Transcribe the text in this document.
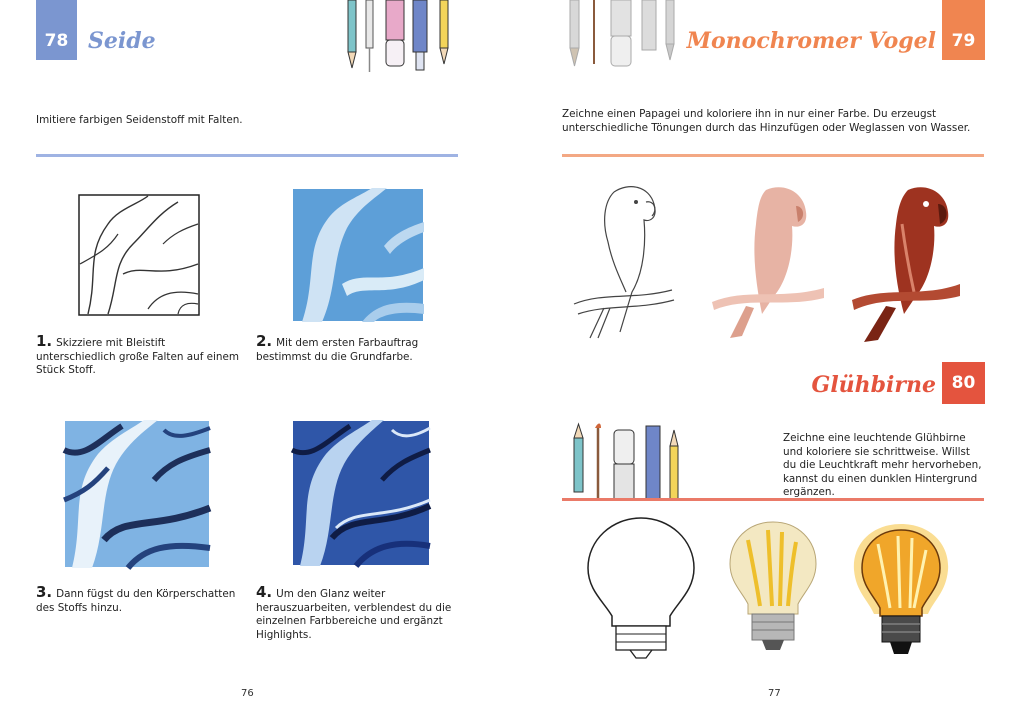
78 Seide
Imitiere farbigen Seidenstoff mit Falten.
1. Skizziere mit Bleistift unterschiedlich große Falten auf einem Stück Stoff.
2. Mit dem ersten Farbauftrag bestimmst du die Grundfarbe.
3. Dann fügst du den Körperschatten des Stoffs hinzu.
4. Um den Glanz weiter herauszuarbeiten, verblendest du die einzelnen Farbbereiche und ergänzt Highlights.
76
Monochromer Vogel 79
Zeichne einen Papagei und koloriere ihn in nur einer Farbe. Du erzeugst unterschiedliche Tönungen durch das Hinzufügen oder Weglassen von Wasser.
Glühbirne 80
Zeichne eine leuchtende Glühbirne und koloriere sie schrittweise. Willst du die Leuchtkraft mehr hervorheben, kannst du einen dunklen Hintergrund ergänzen.
77
